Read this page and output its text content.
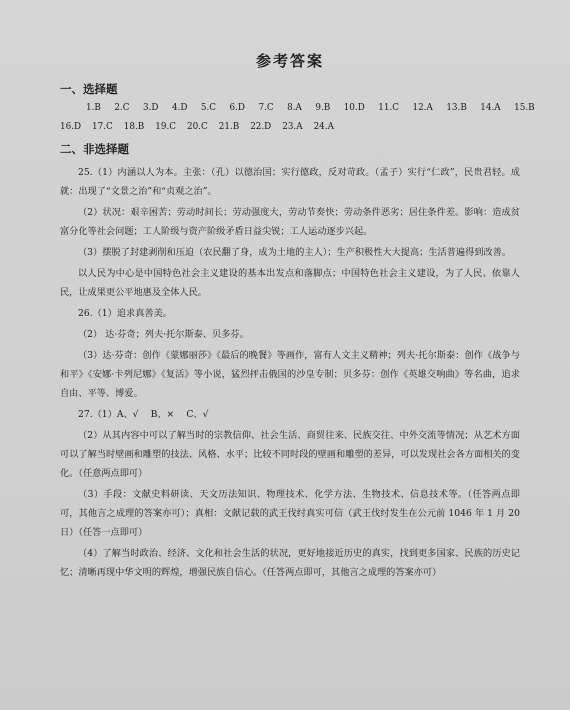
参考答案
一、选择题
1.B 2.C 3.D 4.D 5.C 6.D 7.C 8.A 9.B 10.D 11.C 12.A 13.B 14.A 15.B
16.D 17.C 18.B 19.C 20.C 21.B 22.D 23.A 24.A
二、非选择题

25.（1）内涵以人为本。主张：（孔）以德治国；实行德政，反对苛政。（孟子）实行“仁政”，民贵君轻。成就：出现了“文景之治”和“贞观之治”。

（2）状况：艰辛困苦；劳动时间长；劳动强度大，劳动节奏快；劳动条件恶劣；居住条件差。影响：造成贫富分化等社会问题；工人阶级与资产阶级矛盾日益尖锐；工人运动逐步兴起。

（3）摆脱了封建剥削和压迫（农民翻了身，成为土地的主人）；生产积极性大大提高；生活普遍得到改善。

以人民为中心是中国特色社会主义建设的基本出发点和落脚点；中国特色社会主义建设，为了人民、依靠人民，让成果更公平地惠及全体人民。

26.（1）追求真善美。

（2） 达·芬奇；列夫·托尔斯泰、贝多芬。

（3）达·芬奇：创作《蒙娜丽莎》《最后的晚餐》等画作，富有人文主义精神；列夫·托尔斯泰：创作《战争与和平》《安娜·卡列尼娜》《复活》等小说，猛烈抨击俄国的沙皇专制；贝多芬：创作《英雄交响曲》等名曲，追求自由、平等、博爱。

27.（1）A、√　 B、×　 C、√

（2）从其内容中可以了解当时的宗教信仰、社会生活、商贸往来、民族交往、中外交流等情况；从艺术方面可以了解当时壁画和雕塑的技法、风格、水平；比较不同时段的壁画和雕塑的差异，可以发现社会各方面相关的变化。（任意两点即可）

（3）手段：文献史料研读、天文历法知识、物理技术、化学方法、生物技术、信息技术等。（任答两点即可，其他言之成理的答案亦可）；真相：文献记载的武王伐纣真实可信（武王伐纣发生在公元前 1046 年 1 月 20 日）（任答一点即可）

（4）了解当时政治、经济、文化和社会生活的状况，更好地接近历史的真实，找到更多国家、民族的历史记忆；清晰再现中华文明的辉煌，增强民族自信心。（任答两点即可，其他言之成理的答案亦可）
